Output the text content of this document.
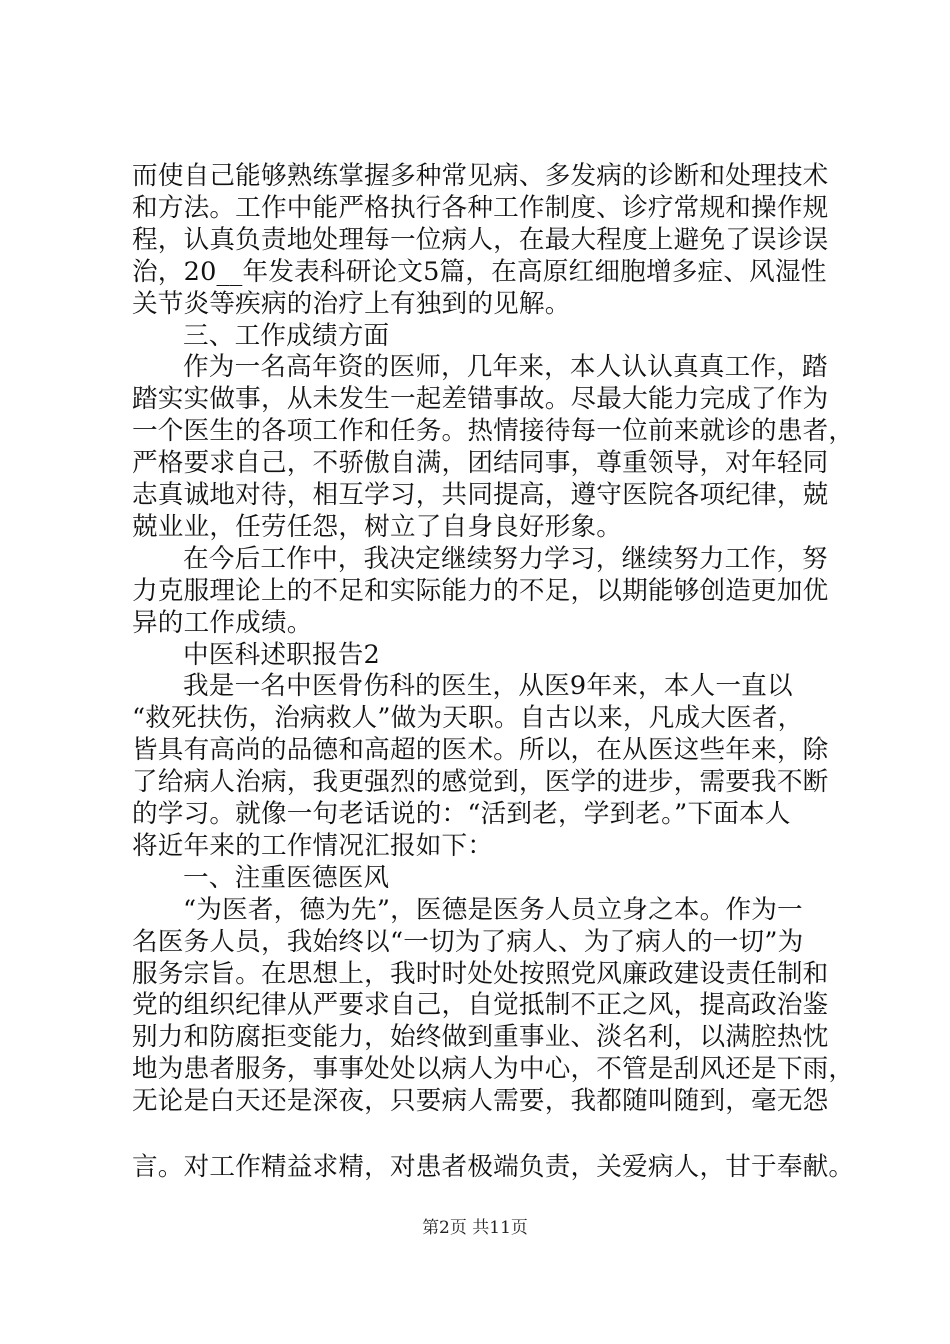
而使自己能够熟练掌握多种常见病、多发病的诊断和处理技术
和方法。工作中能严格执行各种工作制度、诊疗常规和操作规
程，认真负责地处理每一位病人，在最大程度上避免了误诊误
治，20__年发表科研论文5篇，在高原红细胞增多症、风湿性
关节炎等疾病的治疗上有独到的见解。
三、工作成绩方面
作为一名高年资的医师，几年来，本人认认真真工作，踏
踏实实做事，从未发生一起差错事故。尽最大能力完成了作为
一个医生的各项工作和任务。热情接待每一位前来就诊的患者，
严格要求自己，不骄傲自满，团结同事，尊重领导，对年轻同
志真诚地对待，相互学习，共同提高，遵守医院各项纪律，兢
兢业业，任劳任怨，树立了自身良好形象。
在今后工作中，我决定继续努力学习，继续努力工作，努
力克服理论上的不足和实际能力的不足，以期能够创造更加优
异的工作成绩。
中医科述职报告2
我是一名中医骨伤科的医生，从医9年来，本人一直以
“救死扶伤，治病救人”做为天职。自古以来，凡成大医者，
皆具有高尚的品德和高超的医术。所以，在从医这些年来，除
了给病人治病，我更强烈的感觉到，医学的进步，需要我不断
的学习。就像一句老话说的：“活到老，学到老。”下面本人
将近年来的工作情况汇报如下：
一、注重医德医风
“为医者，德为先”，医德是医务人员立身之本。作为一
名医务人员，我始终以“一切为了病人、为了病人的一切”为
服务宗旨。在思想上，我时时处处按照党风廉政建设责任制和
党的组织纪律从严要求自己，自觉抵制不正之风，提高政治鉴
别力和防腐拒变能力，始终做到重事业、淡名利，以满腔热忱
地为患者服务，事事处处以病人为中心，不管是刮风还是下雨，
无论是白天还是深夜，只要病人需要，我都随叫随到，毫无怨
言。对工作精益求精，对患者极端负责，关爱病人，甘于奉献。
第2页 共11页
